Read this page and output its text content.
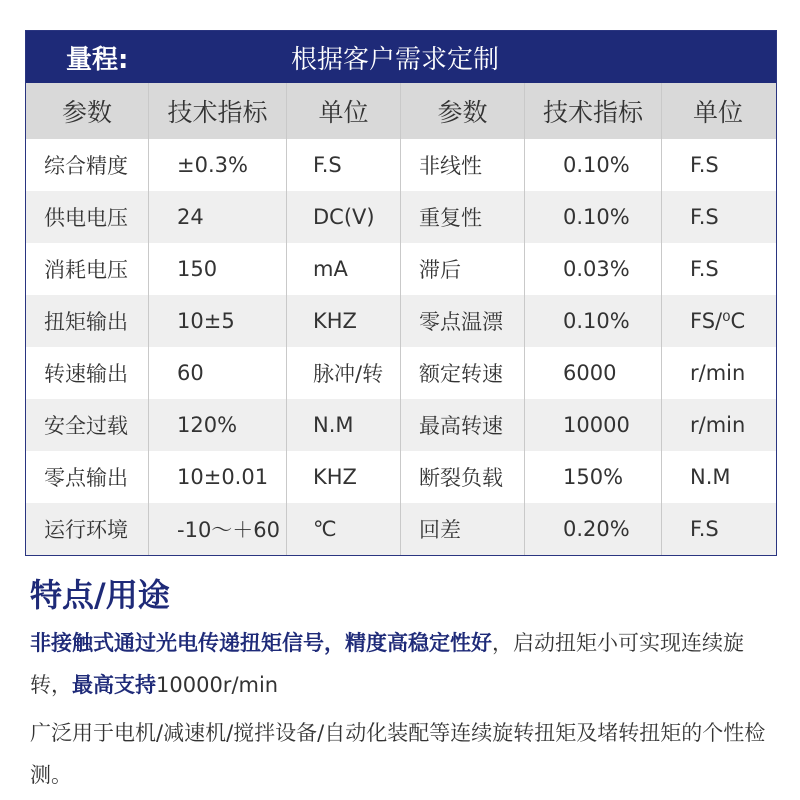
量程:	根据客户需求定制
参数	技术指标	单位	参数	技术指标	单位
综合精度	±0.3%	F.S	非线性	0.10%	F.S
供电电压	24	DC(V)	重复性	0.10%	F.S
消耗电压	150	mA	滞后	0.03%	F.S
扭矩输出	10±5	KHZ	零点温漂	0.10%	FS/⁰C
转速输出	60	脉冲/转	额定转速	6000	r/min
安全过载	120%	N.M	最高转速	10000	r/min
零点输出	10±0.01	KHZ	断裂负载	150%	N.M
运行环境	-10～＋60	℃	回差	0.20%	F.S
特点/用途

非接触式通过光电传递扭矩信号，精度高稳定性好，启动扭矩小可实现连续旋转，最高支持10000r/min

广泛用于电机/减速机/搅拌设备/自动化装配等连续旋转扭矩及堵转扭矩的个性检测。
